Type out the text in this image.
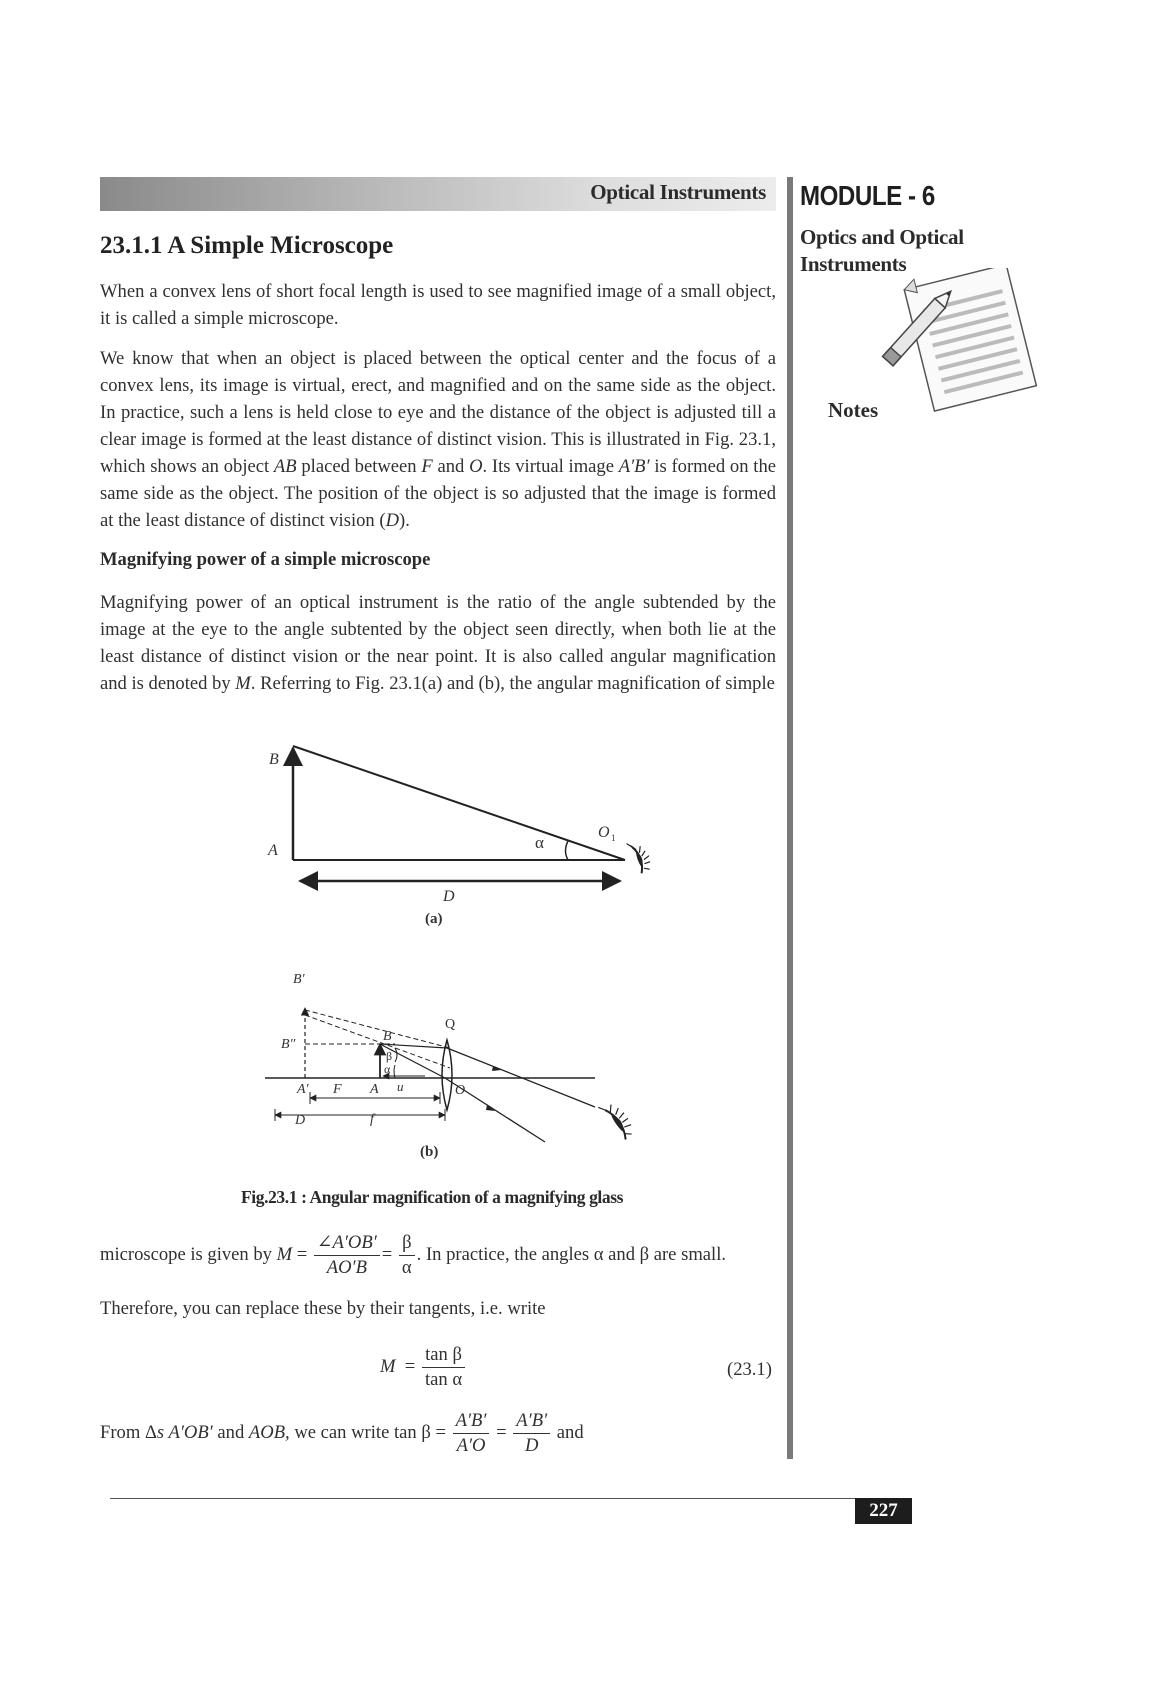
Optical Instruments MODULE - 6
Optics and Optical
Instruments
Notes
23.1.1 A Simple Microscope
When a convex lens of short focal length is used to see magnified image of a small object, it is called a simple microscope.
We know that when an object is placed between the optical center and the focus of a convex lens, its image is virtual, erect, and magnified and on the same side as the object. In practice, such a lens is held close to eye and the distance of the object is adjusted till a clear image is formed at the least distance of distinct vision. This is illustrated in Fig. 23.1, which shows an object AB placed between F and O. Its virtual image A′B′ is formed on the same side as the object. The position of the object is so adjusted that the image is formed at the least distance of distinct vision (D).
Magnifying power of a simple microscope
Magnifying power of an optical instrument is the ratio of the angle subtended by the image at the eye to the angle subtented by the object seen directly, when both lie at the least distance of distinct vision or the near point. It is also called angular magnification and is denoted by M. Referring to Fig. 23.1(a) and (b), the angular magnification of simple
B
A	α
O 1
D
(a)
B′
B″
B
Q
β
α
A′ F A u	O
f
D
(b)
Fig.23.1 : Angular magnification of a magnifying glass
microscope is given by $M = \frac{\angle A'OB'}{AO'B} = \frac{\beta}{\alpha}$ . In practice, the angles α and β are small.
Therefore, you can replace these by their tangents, i.e. write
$M = \frac{\text{tan β}}{\text{tan α}}$	(23.1)
From Δs A′OB′ and AOB, we can write $\tan \beta = \frac{A'B'}{A'O} = \frac{A'B'}{D}$ and
227
